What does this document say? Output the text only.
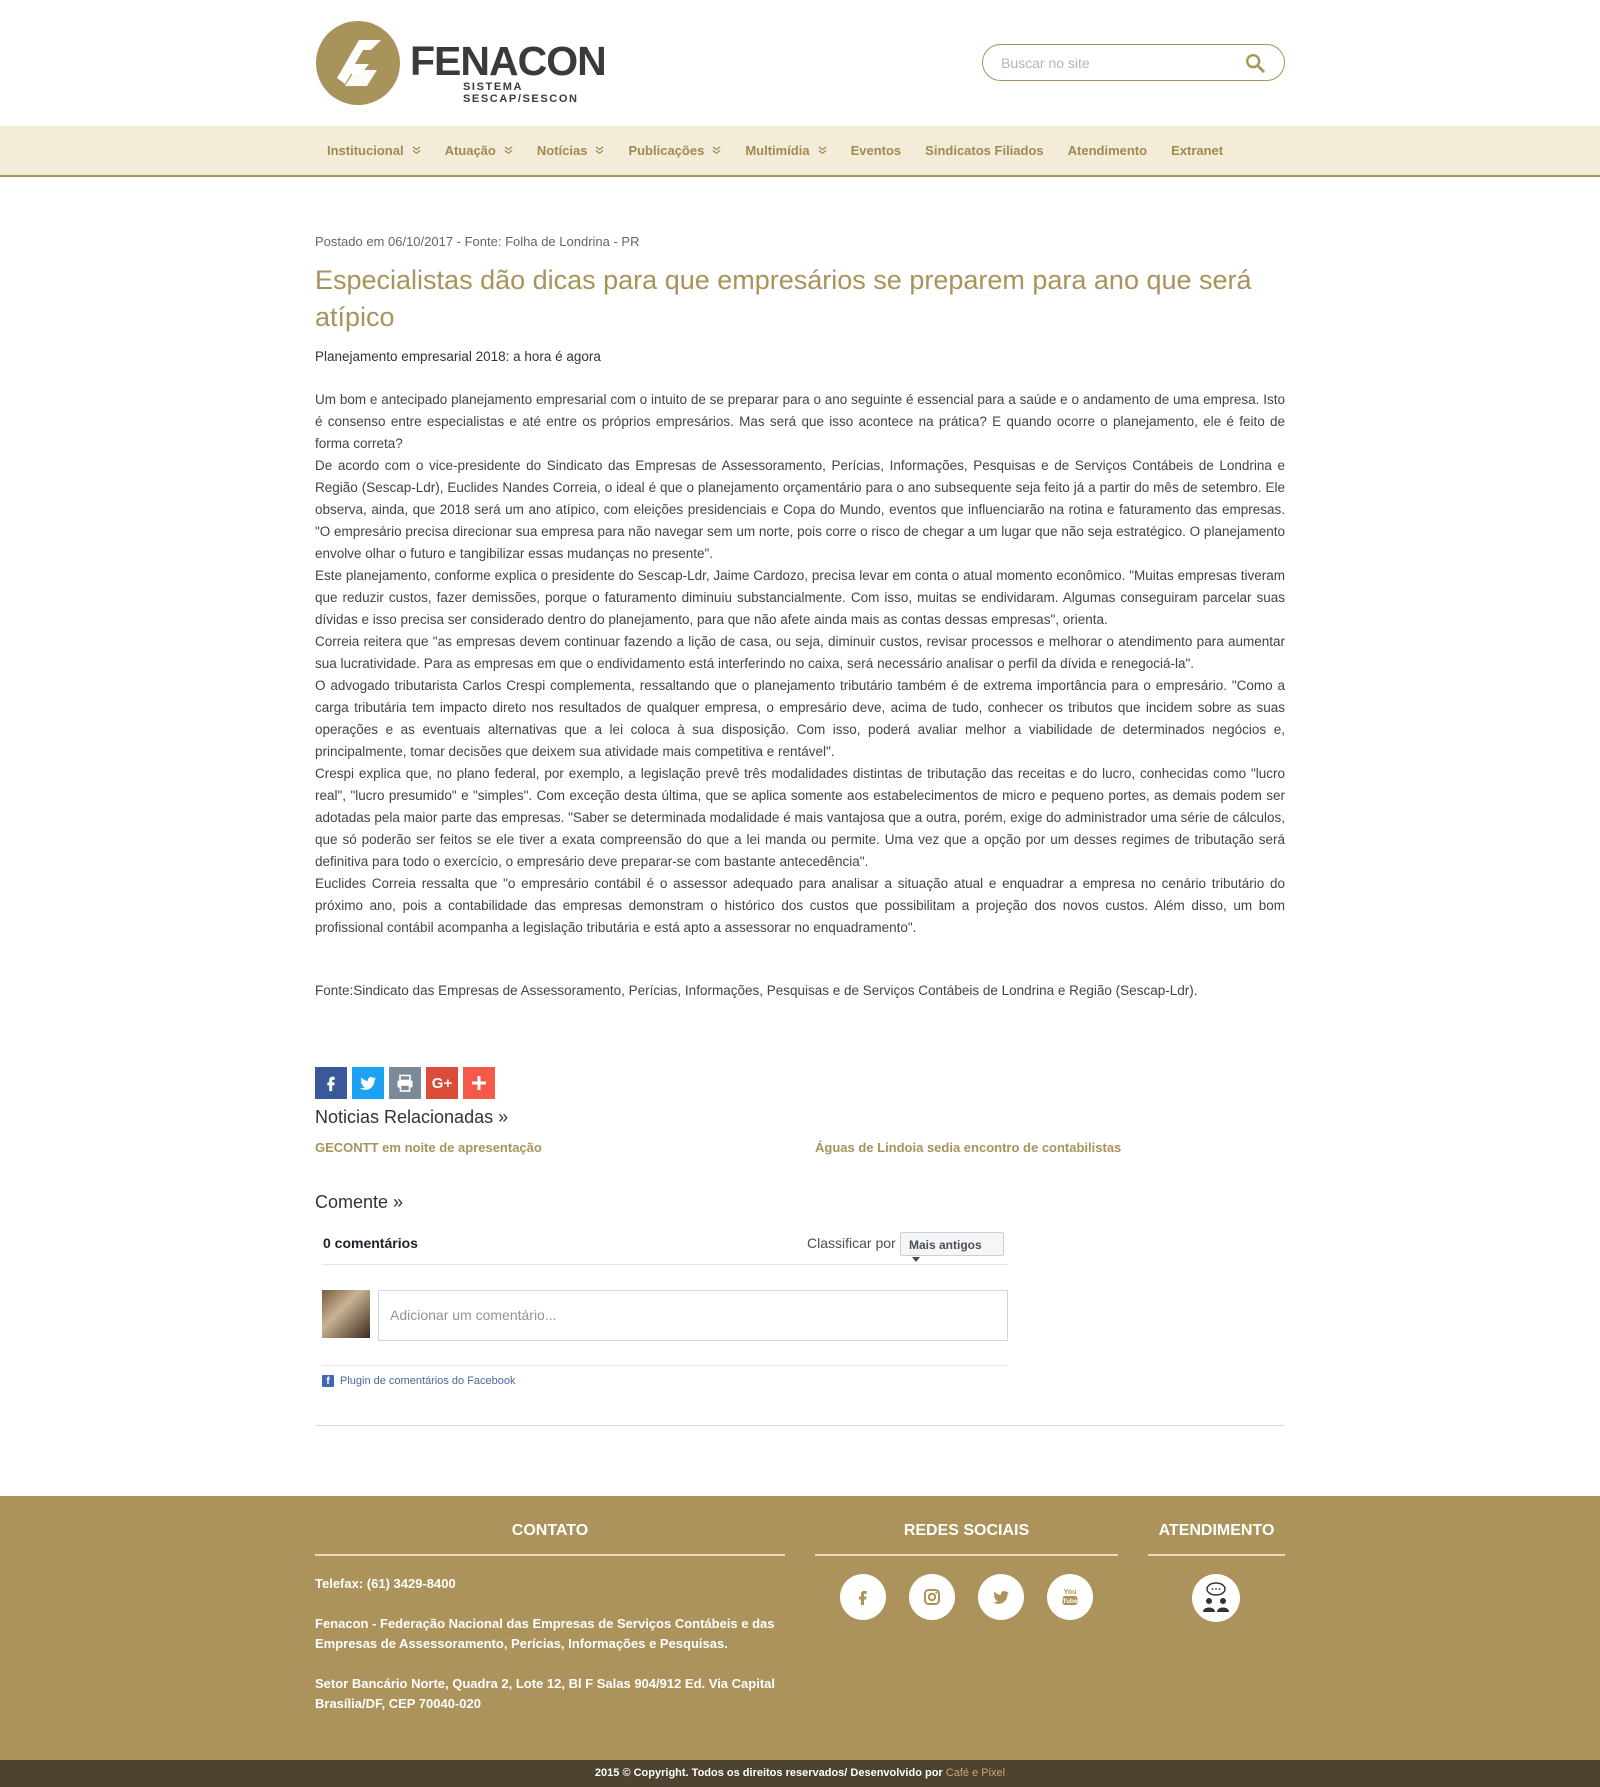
FENACON
SISTEMA SESCAP/SESCON
Buscar no site
Institucional	Atuação	Notícias	Publicações	Multimídia	Eventos Sindicatos Filiados Atendimento Extranet
Postado em 06/10/2017 - Fonte: Folha de Londrina - PR
Especialistas dão dicas para que empresários se preparem para ano que será atípico
Planejamento empresarial 2018: a hora é agora

Um bom e antecipado planejamento empresarial com o intuito de se preparar para o ano seguinte é essencial para a saúde e o andamento de uma empresa. Isto é consenso entre especialistas e até entre os próprios empresários. Mas será que isso acontece na prática? E quando ocorre o planejamento, ele é feito de forma correta?

De acordo com o vice-presidente do Sindicato das Empresas de Assessoramento, Perícias, Informações, Pesquisas e de Serviços Contábeis de Londrina e Região (Sescap-Ldr), Euclides Nandes Correia, o ideal é que o planejamento orçamentário para o ano subsequente seja feito já a partir do mês de setembro. Ele observa, ainda, que 2018 será um ano atípico, com eleições presidenciais e Copa do Mundo, eventos que influenciarão na rotina e faturamento das empresas. "O empresário precisa direcionar sua empresa para não navegar sem um norte, pois corre o risco de chegar a um lugar que não seja estratégico. O planejamento envolve olhar o futuro e tangibilizar essas mudanças no presente".

Este planejamento, conforme explica o presidente do Sescap-Ldr, Jaime Cardozo, precisa levar em conta o atual momento econômico. "Muitas empresas tiveram que reduzir custos, fazer demissões, porque o faturamento diminuiu substancialmente. Com isso, muitas se endividaram. Algumas conseguiram parcelar suas dívidas e isso precisa ser considerado dentro do planejamento, para que não afete ainda mais as contas dessas empresas", orienta.

Correia reitera que "as empresas devem continuar fazendo a lição de casa, ou seja, diminuir custos, revisar processos e melhorar o atendimento para aumentar sua lucratividade. Para as empresas em que o endividamento está interferindo no caixa, será necessário analisar o perfil da dívida e renegociá-la".

O advogado tributarista Carlos Crespi complementa, ressaltando que o planejamento tributário também é de extrema importância para o empresário. "Como a carga tributária tem impacto direto nos resultados de qualquer empresa, o empresário deve, acima de tudo, conhecer os tributos que incidem sobre as suas operações e as eventuais alternativas que a lei coloca à sua disposição. Com isso, poderá avaliar melhor a viabilidade de determinados negócios e, principalmente, tomar decisões que deixem sua atividade mais competitiva e rentável".

Crespi explica que, no plano federal, por exemplo, a legislação prevê três modalidades distintas de tributação das receitas e do lucro, conhecidas como "lucro real", "lucro presumido" e "simples". Com exceção desta última, que se aplica somente aos estabelecimentos de micro e pequeno portes, as demais podem ser adotadas pela maior parte das empresas. "Saber se determinada modalidade é mais vantajosa que a outra, porém, exige do administrador uma série de cálculos, que só poderão ser feitos se ele tiver a exata compreensão do que a lei manda ou permite. Uma vez que a opção por um desses regimes de tributação será definitiva para todo o exercício, o empresário deve preparar-se com bastante antecedência".

Euclides Correia ressalta que "o empresário contábil é o assessor adequado para analisar a situação atual e enquadrar a empresa no cenário tributário do próximo ano, pois a contabilidade das empresas demonstram o histórico dos custos que possibilitam a projeção dos novos custos. Além disso, um bom profissional contábil acompanha a legislação tributária e está apto a assessorar no enquadramento".

Fonte:Sindicato das Empresas de Assessoramento, Perícias, Informações, Pesquisas e de Serviços Contábeis de Londrina e Região (Sescap-Ldr).
G+
Noticias Relacionadas »
GECONTT em noite de apresentação	Águas de Lindoia sedia encontro de contabilistas
Comente »
0 comentários	Classificar por	Mais antigos
Adicionar um comentário...
f Plugin de comentários do Facebook
CONTATO	REDES SOCIAIS	ATENDIMENTO
Telefax: (61) 3429-8400
Fenacon - Federação Nacional das Empresas de Serviços Contábeis e das Empresas de Assessoramento, Perícias, Informações e Pesquisas.
Setor Bancário Norte, Quadra 2, Lote 12, Bl F Salas 904/912 Ed. Via Capital
Brasília/DF, CEP 70040-020
You
Tube
2015 © Copyright. Todos os direitos reservados/ Desenvolvido por Café e Pixel
